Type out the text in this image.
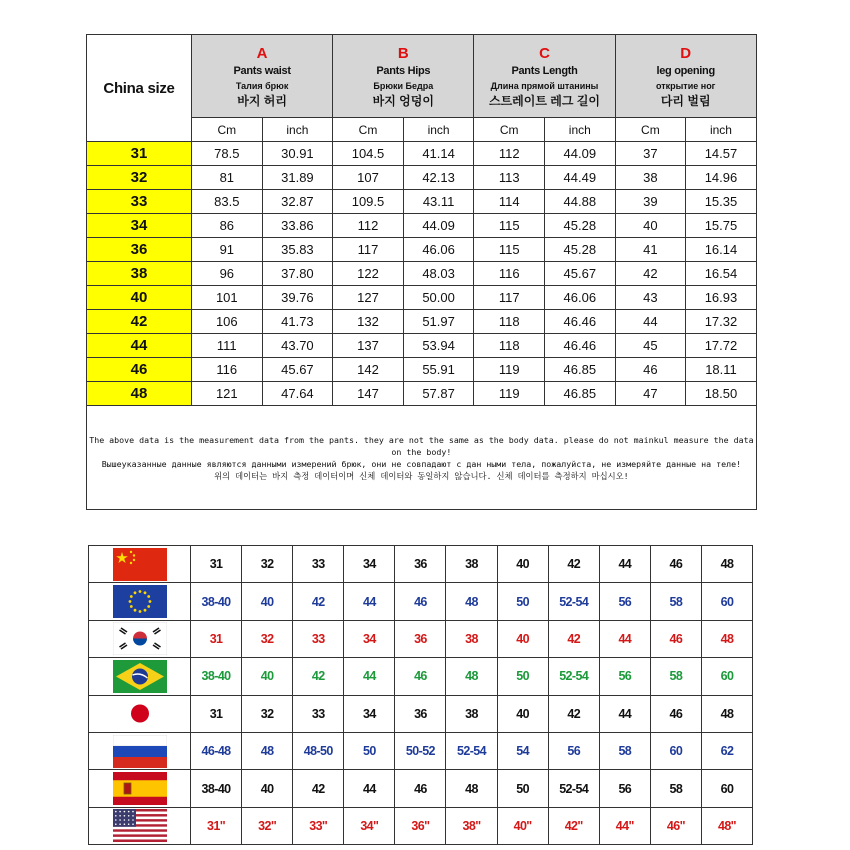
China size	A
Pants waist
Талия брюк
바지 허리		B
Pants Hips
Брюки Бедра
바지 엉덩이		C
Pants Length
Длина прямой штанины
스트레이트 레그 길이		D
leg opening
открытие ног
다리 벌림	

	Cm	inch	Cm	inch	Cm	inch	Cm	inch
31	78.5	30.91	104.5	41.14	112	44.09	37	14.57
32	81	31.89	107	42.13	113	44.49	38	14.96
33	83.5	32.87	109.5	43.11	114	44.88	39	15.35
34	86	33.86	112	44.09	115	45.28	40	15.75
36	91	35.83	117	46.06	115	45.28	41	16.14
38	96	37.80	122	48.03	116	45.67	42	16.54
40	101	39.76	127	50.00	117	46.06	43	16.93
42	106	41.73	132	51.97	118	46.46	44	17.32
44	111	43.70	137	53.94	118	46.46	45	17.72
46	116	45.67	142	55.91	119	46.85	46	18.11
48	121	47.64	147	57.87	119	46.85	47	18.50

The above data is the measurement data from the pants. they are not the same as the body data. please do not mainkul measure the data on the body!
Вышеуказанные данные являются данными измерений брюк, они не совпадают с дан ными тела, пожалуйста, не измеряйте данные на теле!
위의 데이터는 바지 측정 데이터이며 신체 데이터와 동일하지 않습니다. 신체 데이터를 측정하지 마십시오!								
	31	32	33	34	36	38	40	42	44	46	48
	38-40	40	42	44	46	48	50	52-54	56	58	60
	31	32	33	34	36	38	40	42	44	46	48
	38-40	40	42	44	46	48	50	52-54	56	58	60
	31	32	33	34	36	38	40	42	44	46	48
	46-48	48	48-50	50	50-52	52-54	54	56	58	60	62
	38-40	40	42	44	46	48	50	52-54	56	58	60
	31"	32"	33"	34"	36"	38"	40"	42"	44"	46"	48"
